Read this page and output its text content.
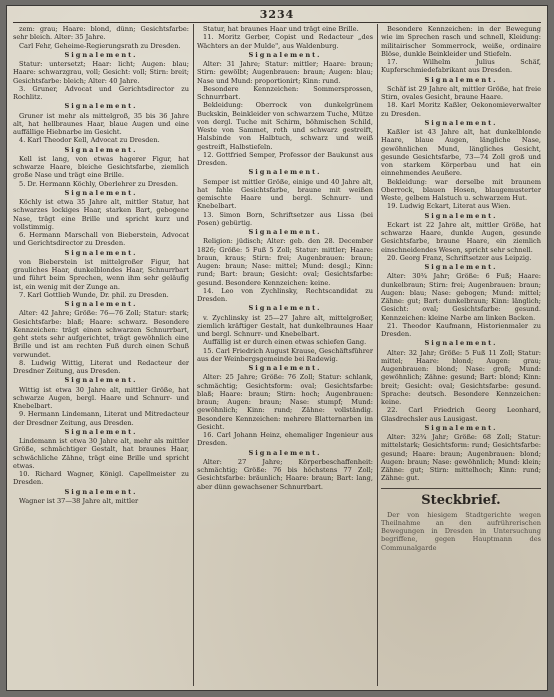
3234

zem: grau; Haare: blond, dünn; Gesichtsfarbe: sehr bleich. Alter: 35 Jahre.

Carl Fehr, Geheime-Regierungsrath zu Dresden.

Signalement.

Statur: untersetzt; Haar: licht; Augen: blau; Haare: schwarzgrau, voll; Gesicht: voll; Stirn: breit; Gesichtsfarbe: bleich; Alter: 40 Jahre.

3. Gruner, Advocat und Gerichtsdirector zu Rochlitz.

Signalement.

Gruner ist mehr als mittelgroß, 35 bis 36 Jahre alt, hat hellbraunes Haar, blaue Augen und eine auffällige Hiebnarbe im Gesicht.

4. Karl Theodor Kell, Advocat zu Dresden.

Signalement.

Kell ist lang, von etwas hagerer Figur, hat schwarze Haare, bleiche Gesichtsfarbe, ziemlich große Nase und trägt eine Brille.

5. Dr. Hermann Köchly, Oberlehrer zu Dresden.

Signalement.

Köchly ist etwa 35 Jahre alt, mittler Statur, hat schwarzes lockiges Haar, starken Bart, gebogene Nase, trägt eine Brille und spricht kurz und vollstimmig.

6. Hermann Marschall von Bieberstein, Advocat und Gerichtsdirector zu Dresden.

Signalement.

von Bieberstein ist mittelgroßer Figur, hat grauliches Haar, dunkelblondes Haar, Schnurrbart und führt beim Sprechen, wenn ihm sehr geläufig ist, ein wenig mit der Zunge an.

7. Karl Gottlieb Wunde, Dr. phil. zu Dresden.

Signalement.

Alter: 42 Jahre; Größe: 76—76 Zoll; Statur: stark; Gesichtsfarbe: blaß; Haare: schwarz. Besondere Kennzeichen: trägt einen schwarzen Schnurrbart, geht stets sehr aufgerichtet, trägt gewöhnlich eine Brille und ist am rechten Fuß durch einen Schuß verwundet.

8. Ludwig Wittig, Literat und Redacteur der Dresdner Zeitung, aus Dresden.

Signalement.

Wittig ist etwa 30 Jahre alt, mittler Größe, hat schwarze Augen, bergl. Haare und Schnurr- und Knebelbart.

9. Hermann Lindemann, Literat und Mitredacteur der Dresdner Zeitung, aus Dresden.

Signalement.

Lindemann ist etwa 30 Jahre alt, mehr als mittler Größe, schmächtiger Gestalt, hat braunes Haar, schwächliche Zähne, trägt eine Brille und spricht etwas.

10. Richard Wagner, Königl. Capellmeister zu Dresden.

Signalement.

Wagner ist 37—38 Jahre alt, mittler

Statur, hat braunes Haar und trägt eine Brille.

11. Moritz Gerber, Copist und Redacteur „des Wächters an der Mulde", aus Waldenburg.

Signalement.

Alter: 31 Jahre; Statur: mittler; Haare: braun; Stirn: gewölbt; Augenbrauen: braun; Augen: blau; Nase und Mund: proportionirt; Kinn: rund.

Besondere Kennzeichen: Sommersprossen, Schnurrbart.

Bekleidung: Oberrock von dunkelgrünem Buckskin, Beinkleider von schwarzem Tuche, Mütze von dergl. Tuche mit Schirm, böhmischen Schild, Weste von Sammet, roth und schwarz gestreift, Halsbinde von Halbtuch, schwarz und weiß gestreift, Halbstiefeln.

12. Gottfried Semper, Professor der Baukunst aus Dresden.

Signalement.

Semper ist mittler Größe, einige und 40 Jahre alt, hat fahle Gesichtsfarbe, braune mit weißen gemischte Haare und bergl. Schnurr- und Knebelbart.

13. Simon Born, Schriftsetzer aus Lissa (bei Posen) gebürtig.

Signalement.

Religion: jüdisch; Alter: geb. den 28. December 1826; Größe: 5 Fuß 5 Zoll; Statur: mittler; Haare: braun, kraus; Stirn: frei; Augenbrauen: braun; Augen: braun; Nase: mittel; Mund: desgl.; Kinn: rund; Bart: braun; Gesicht: oval; Gesichtsfarbe: gesund. Besondere Kennzeichen: keine.

14. Leo von Zychlinsky, Rechtscandidat zu Dresden.

Signalement.

v. Zychlinsky ist 25—27 Jahre alt, mittelgroßer, ziemlich kräftiger Gestalt, hat dunkelbraunes Haar und bergl. Schnurr- und Knebelbart.

Auffällig ist er durch einen etwas schiefen Gang.

15. Carl Friedrich August Krause, Geschäftsführer aus der Weinbergsgemeinde bei Radewig.

Signalement.

Alter: 25 Jahre; Größe: 76 Zoll; Statur: schlank, schmächtig; Gesichtsform: oval; Gesichtsfarbe: blaß; Haare: braun; Stirn: hoch; Augenbrauen: braun; Augen: braun; Nase: stumpf; Mund: gewöhnlich; Kinn: rund; Zähne: vollständig. Besondere Kennzeichen: mehrere Blatternarben im Gesicht.

16. Carl Johann Heinz, ehemaliger Ingenieur aus Dresden.

Signalement.

Alter: 27 Jahre; Körperbeschaffenheit: schmächtig; Größe: 76 bis höchstens 77 Zoll; Gesichtsfarbe: bräunlich; Haare: braun; Bart: lang, aber dünn gewachsener Schnurrbart.

Besondere Kennzeichen: in der Bewegung wie im Sprechen rasch und schnell, Kleidung: militairischer Sommerrock, weiße, ordinaire Blöse, dunkle Beinkleider und Stiefeln.

17. Wilhelm Julius Schäf, Kupferschmiedefabrikant aus Dresden.

Signalement.

Schäf ist 29 Jahre alt, mittler Größe, hat freie Stirn, ovales Gesicht, braune Haare.

18. Karl Moritz Kaßler, Oekonomieverwalter zu Dresden.

Signalement.

Kaßler ist 43 Jahre alt, hat dunkelblonde Haare, blaue Augen, längliche Nase, gewöhnlichen Mund, längliches Gesicht, gesunde Gesichtsfarbe, 73—74 Zoll groß und von starkem Körperbau und hat ein einnehmendes Aeußere.

Bekleidung: war derselbe mit braunem Oberrock, blauen Hosen, blaugemusterter Weste, gelbem Halstuch u. schwarzem Hut.

19. Ludwig Eckart, Literat aus Wien.

Signalement.

Eckart ist 22 Jahre alt, mittler Größe, hat schwarze Haare, dunkle Augen, gesunde Gesichtsfarbe, braune Haare, ein ziemlich einschneidendes Wesen, spricht sehr schnell.

20. Georg Franz, Schriftsetzer aus Leipzig.

Signalement.

Alter: 30¾ Jahr; Größe: 6 Fuß; Haare: dunkelbraun; Stirn: frei; Augenbrauen: braun; Augen: blau; Nase: gebogen; Mund: mittel; Zähne: gut; Bart: dunkelbraun; Kinn: länglich; Gesicht: oval; Gesichtsfarbe: gesund. Kennzeichen: kleine Narbe am linken Backen.

21. Theodor Kaufmann, Historienmaler zu Dresden.

Signalement.

Alter: 32 Jahr; Größe: 5 Fuß 11 Zoll; Statur: mittel; Haare: blond; Augen: grau; Augenbrauen: blond; Nase: groß; Mund: gewöhnlich; Zähne: gesund; Bart: blond; Kinn: breit; Gesicht: oval; Gesichtsfarbe: gesund. Sprache: deutsch. Besondere Kennzeichen: keine.

22. Carl Friedrich Georg Leonhard, Glasdrechsler aus Lausigast.

Signalement.

Alter: 32¾ Jahr; Größe: 68 Zoll; Statur: mittelstark; Gesichtsform: rund; Gesichtsfarbe: gesund; Haare: braun; Augenbrauen: blond; Augen: braun; Nase: gewöhnlich; Mund: klein; Zähne: gut; Stirn: mittelhoch; Kinn: rund; Zähne: gut.

Steckbrief.

Der von hiesigem Stadtgerichte wegen Theilnahme an den aufrührerischen Bewegungen in Dresden in Untersuchung begriffene, gegen Hauptmann des Communalgarde
